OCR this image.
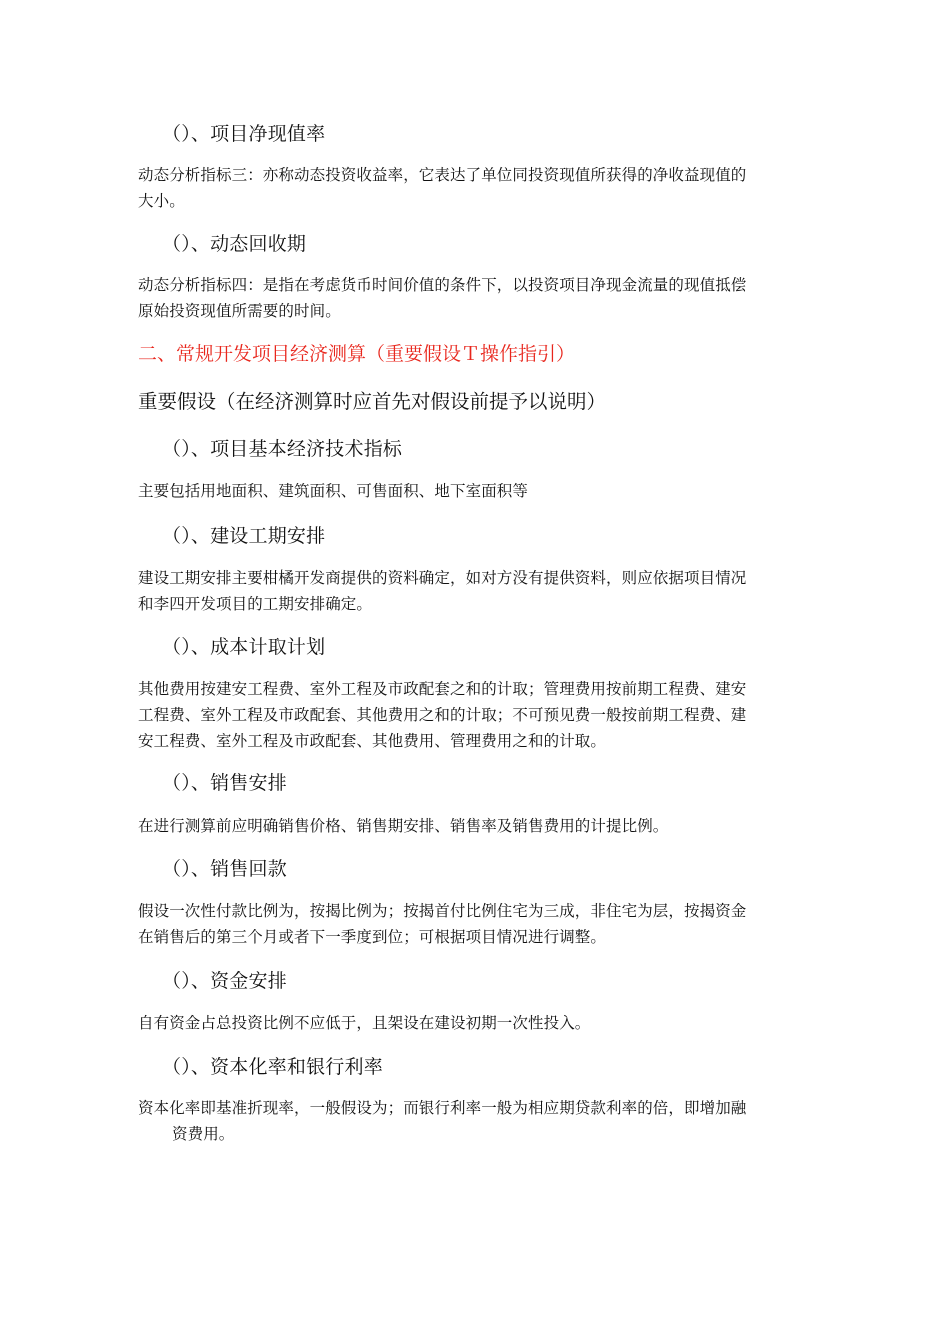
（）、项目净现值率
动态分析指标三：亦称动态投资收益率，它表达了单位同投资现值所获得的净收益现值的
大小。
（）、动态回收期
动态分析指标四：是指在考虑货币时间价值的条件下，以投资项目净现金流量的现值抵偿
原始投资现值所需要的时间。
二、常规开发项目经济测算（重要假设Ｔ操作指引）
重要假设（在经济测算时应首先对假设前提予以说明）
（）、项目基本经济技术指标
主要包括用地面积、建筑面积、可售面积、地下室面积等
（）、建设工期安排
建设工期安排主要柑橘开发商提供的资料确定，如对方没有提供资料，则应依据项目情况
和李四开发项目的工期安排确定。
（）、成本计取计划
其他费用按建安工程费、室外工程及市政配套之和的计取；管理费用按前期工程费、建安
工程费、室外工程及市政配套、其他费用之和的计取；不可预见费一般按前期工程费、建
安工程费、室外工程及市政配套、其他费用、管理费用之和的计取。
（）、销售安排
在进行测算前应明确销售价格、销售期安排、销售率及销售费用的计提比例。
（）、销售回款
假设一次性付款比例为，按揭比例为；按揭首付比例住宅为三成，非住宅为层，按揭资金
在销售后的第三个月或者下一季度到位；可根据项目情况进行调整。
（）、资金安排
自有资金占总投资比例不应低于，且架设在建设初期一次性投入。
（）、资本化率和银行利率
资本化率即基准折现率，一般假设为；而银行利率一般为相应期贷款利率的倍，即增加融
资费用。
